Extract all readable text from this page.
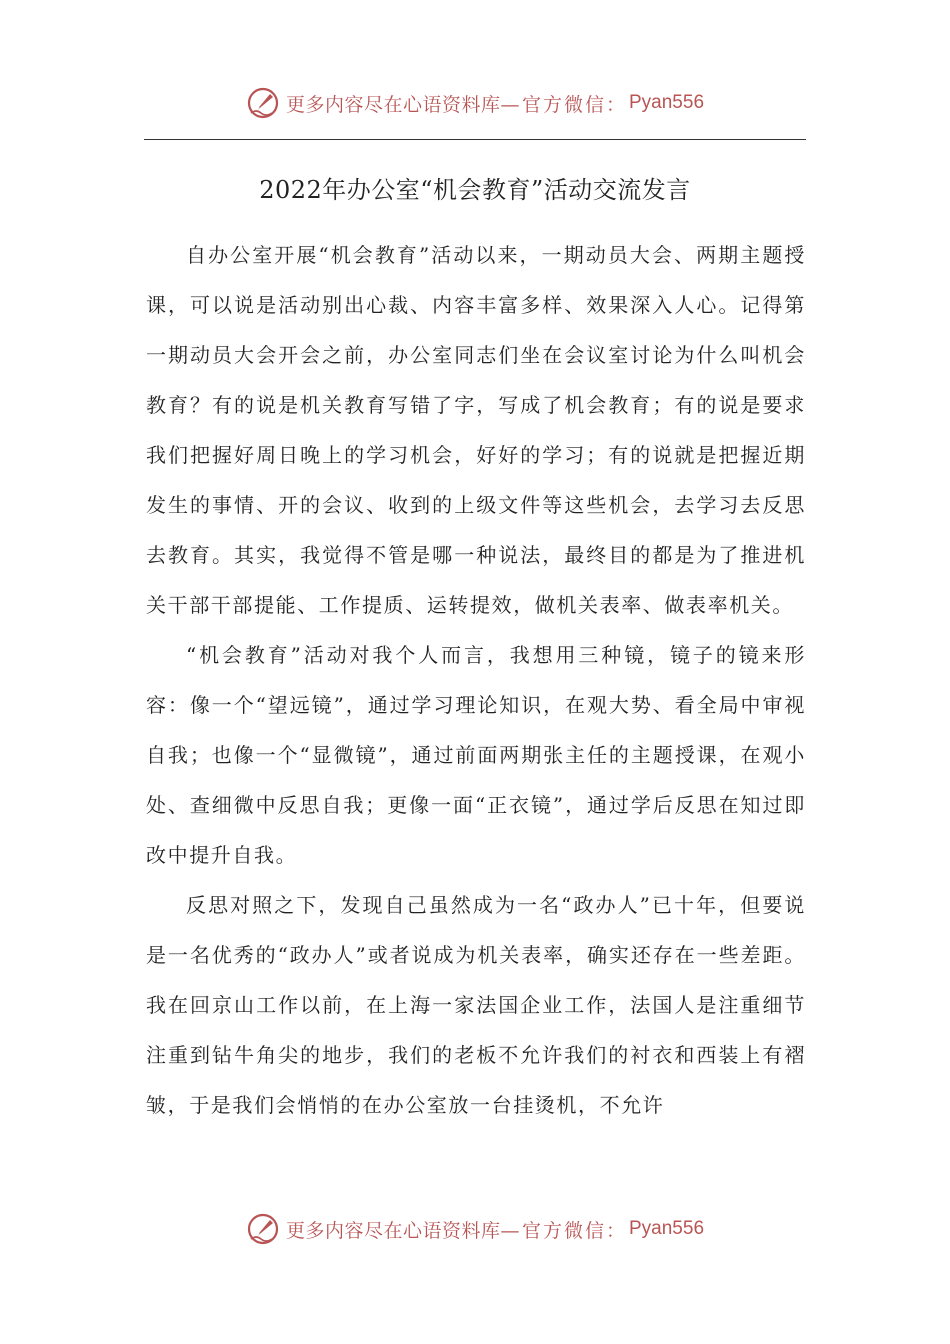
更多内容尽在心语资料库— 官方微信： Pyan556
2022年办公室“机会教育”活动交流发言

自办公室开展“机会教育”活动以来，一期动员大会、两期主题授课，可以说是活动别出心裁、内容丰富多样、效果深入人心。记得第一期动员大会开会之前，办公室同志们坐在会议室讨论为什么叫机会教育？有的说是机关教育写错了字，写成了机会教育；有的说是要求我们把握好周日晚上的学习机会，好好的学习；有的说就是把握近期发生的事情、开的会议、收到的上级文件等这些机会，去学习去反思去教育。其实，我觉得不管是哪一种说法，最终目的都是为了推进机关干部干部提能、工作提质、运转提效，做机关表率、做表率机关。

“机会教育”活动对我个人而言，我想用三种镜，镜子的镜来形容：像一个“望远镜”，通过学习理论知识，在观大势、看全局中审视自我；也像一个“显微镜”，通过前面两期张主任的主题授课，在观小处、查细微中反思自我；更像一面“正衣镜”，通过学后反思在知过即改中提升自我。

反思对照之下，发现自己虽然成为一名“政办人”已十年，但要说是一名优秀的“政办人”或者说成为机关表率，确实还存在一些差距。我在回京山工作以前，在上海一家法国企业工作，法国人是注重细节注重到钻牛角尖的地步，我们的老板不允许我们的衬衣和西装上有褶皱，于是我们会悄悄的在办公室放一台挂烫机，不允许

更多内容尽在心语资料库— 官方微信： Pyan556
